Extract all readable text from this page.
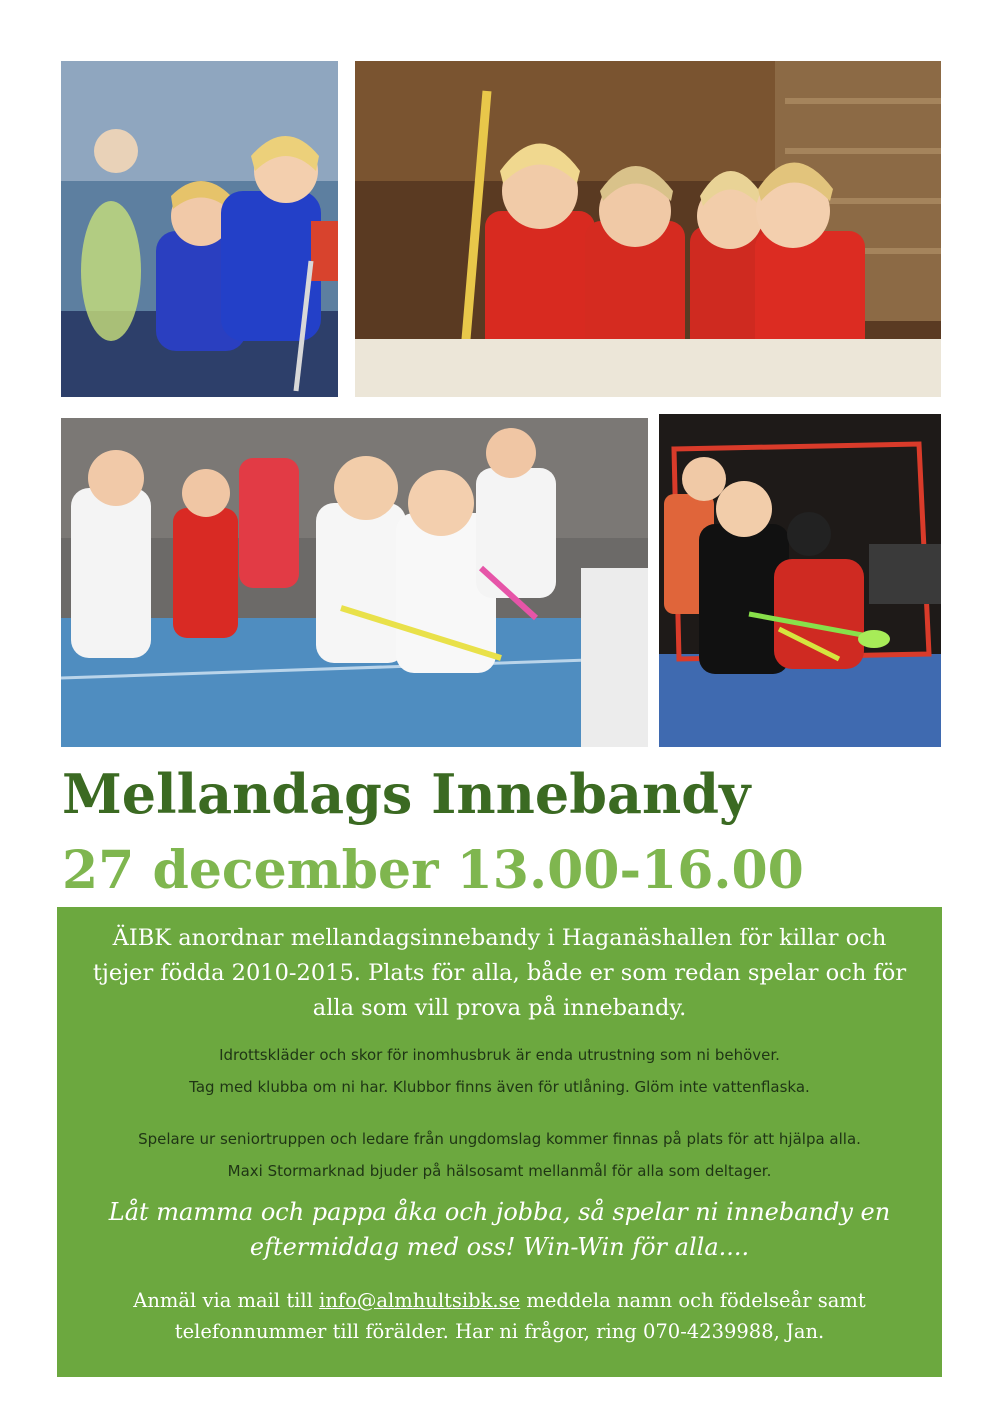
Mellandags Innebandy
27 december 13.00-16.00

ÄIBK anordnar mellandagsinnebandy i Haganäshallen för killar och tjejer födda 2010-2015. Plats för alla, både er som redan spelar och för alla som vill prova på innebandy.

Idrottskläder och skor för inomhusbruk är enda utrustning som ni behöver.

Tag med klubba om ni har. Klubbor finns även för utlåning. Glöm inte vattenflaska.

Spelare ur seniortruppen och ledare från ungdomslag kommer finnas på plats för att hjälpa alla.

Maxi Stormarknad bjuder på hälsosamt mellanmål för alla som deltager.

Låt mamma och pappa åka och jobba, så spelar ni innebandy en eftermiddag med oss! Win-Win för alla....

Anmäl via mail till info@almhultsibk.se meddela namn och födelseår samt telefonnummer till förälder. Har ni frågor, ring 070-4239988, Jan.
